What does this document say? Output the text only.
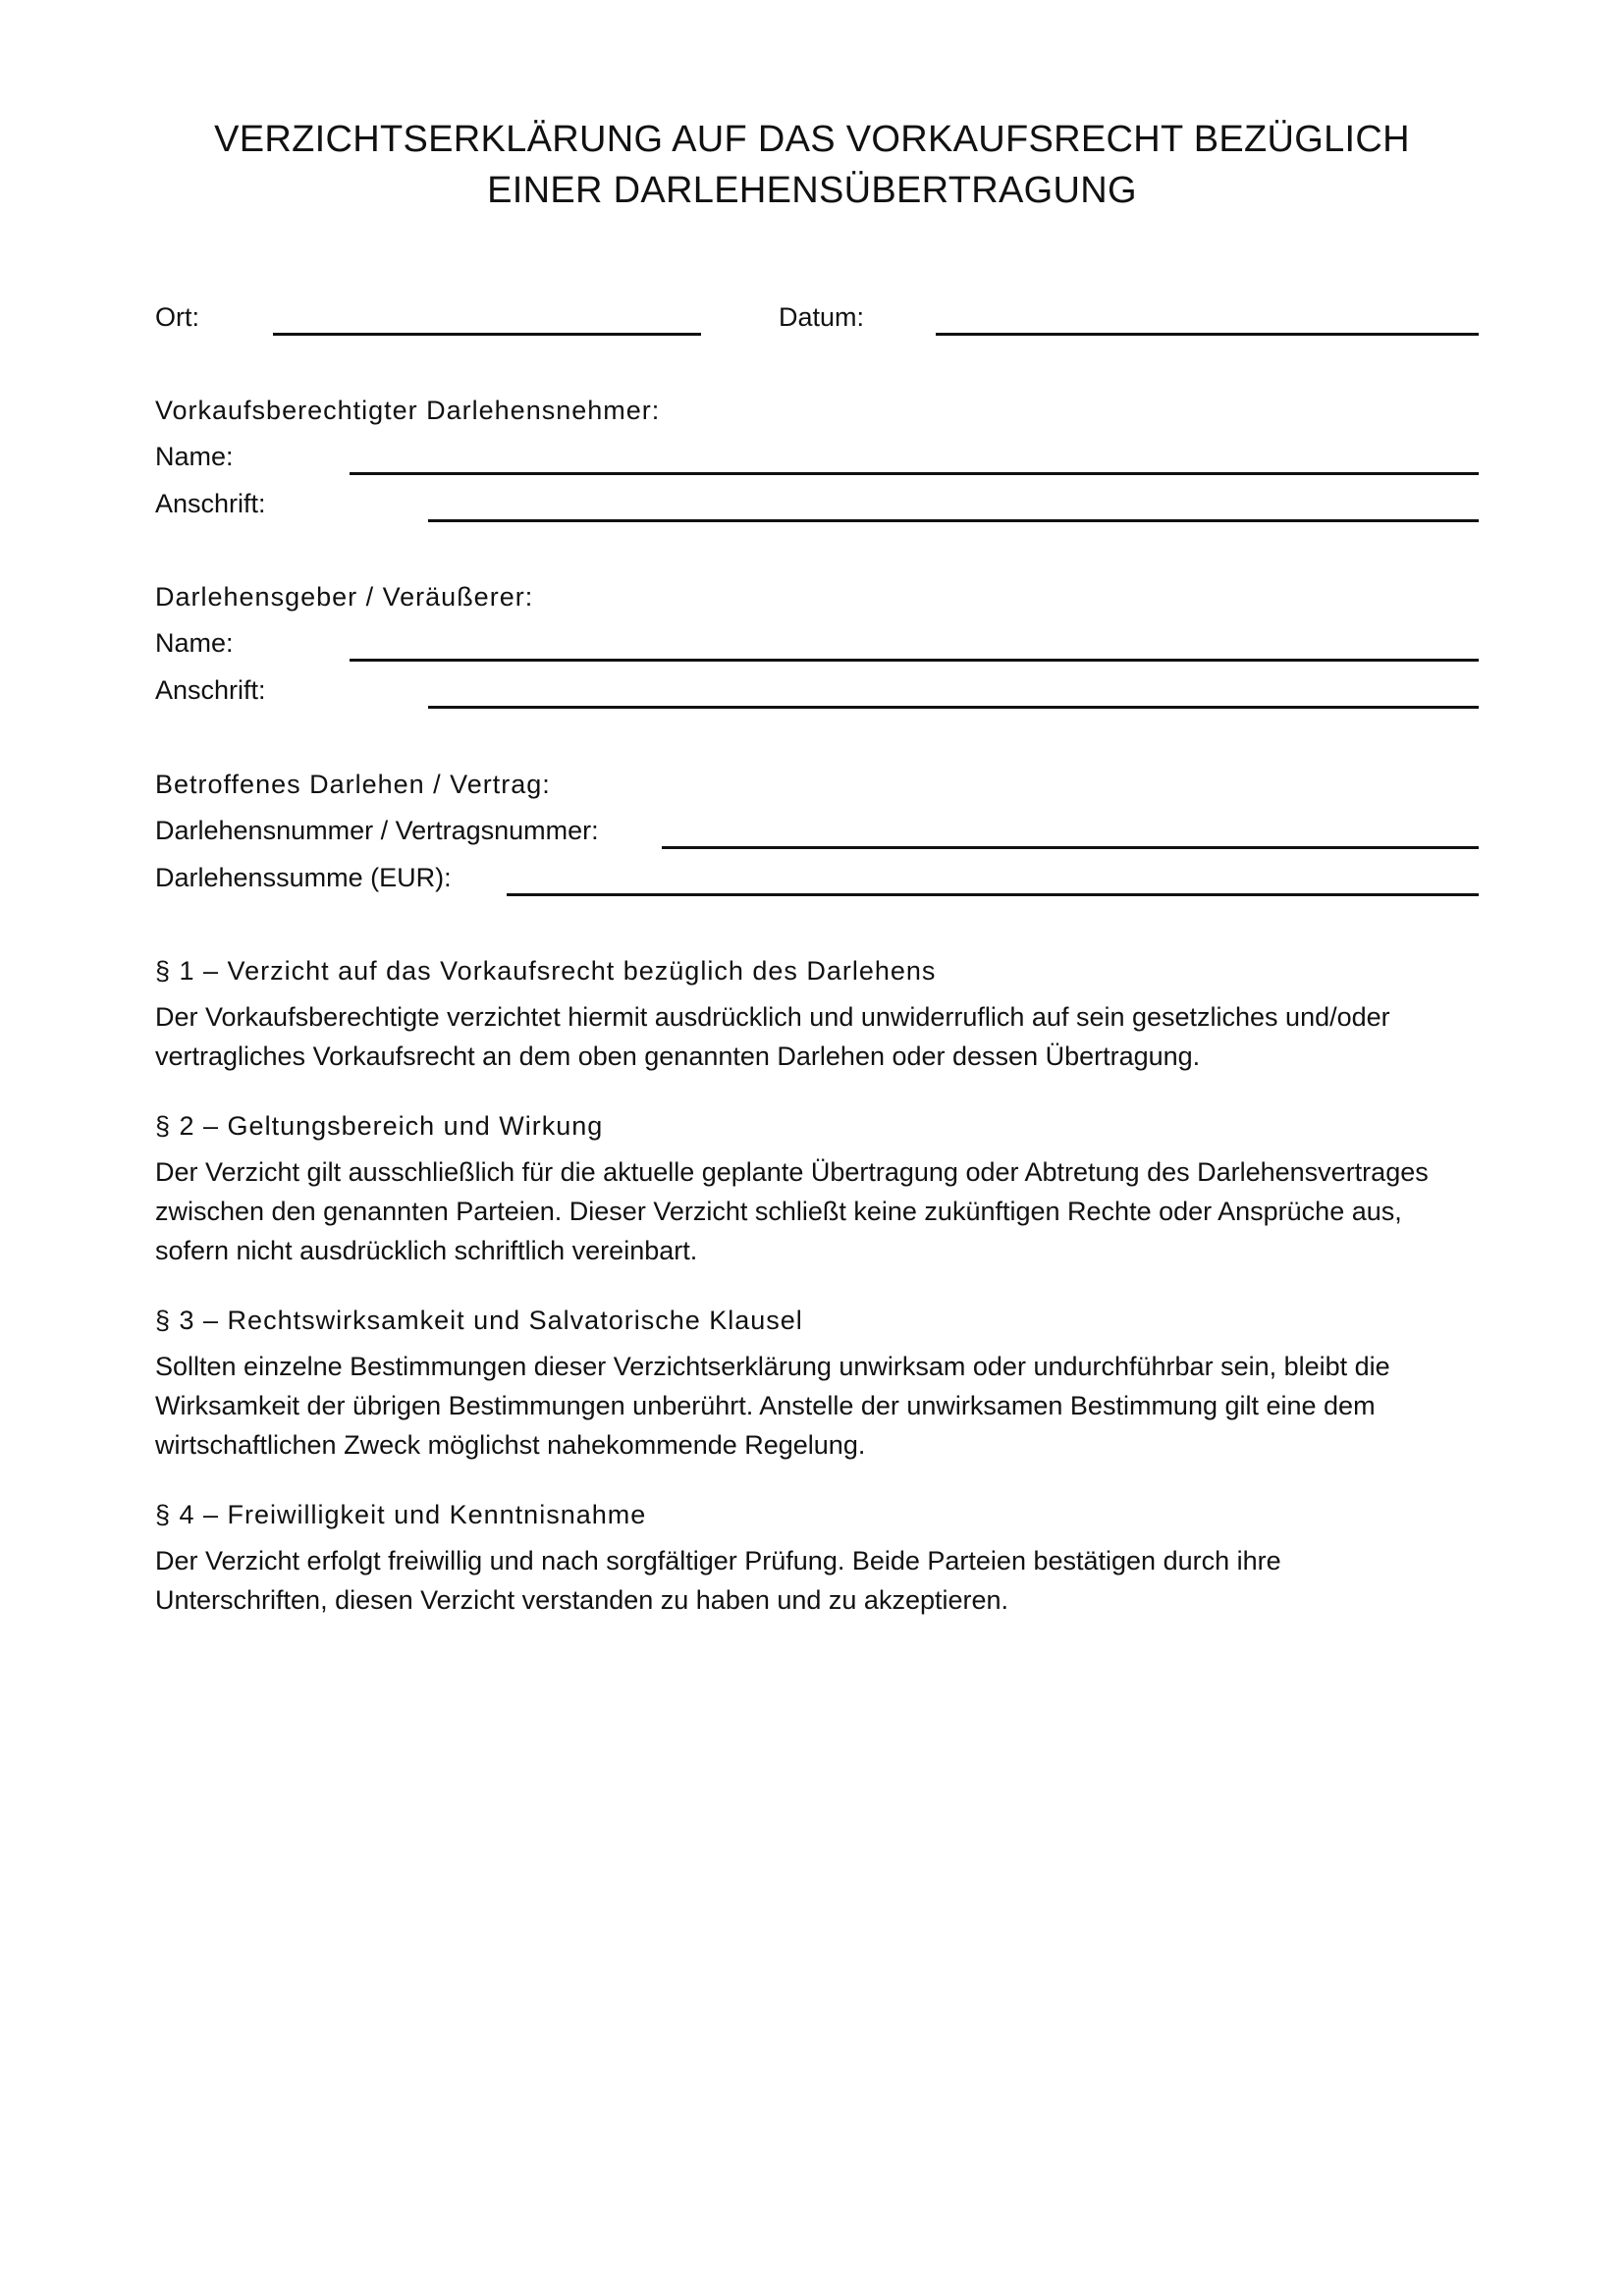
VERZICHTSERKLÄRUNG AUF DAS VORKAUFSRECHT BEZÜGLICH
EINER DARLEHENSÜBERTRAGUNG
Ort:	Datum:
Vorkaufsberechtigter Darlehensnehmer:
Name:
Anschrift:
Darlehensgeber / Veräußerer:
Name:
Anschrift:
Betroffenes Darlehen / Vertrag:
Darlehensnummer / Vertragsnummer:
Darlehenssumme (EUR):
§ 1 – Verzicht auf das Vorkaufsrecht bezüglich des Darlehens

Der Vorkaufsberechtigte verzichtet hiermit ausdrücklich und unwiderruflich auf sein gesetzliches und/oder
vertragliches Vorkaufsrecht an dem oben genannten Darlehen oder dessen Übertragung.

§ 2 – Geltungsbereich und Wirkung

Der Verzicht gilt ausschließlich für die aktuelle geplante Übertragung oder Abtretung des Darlehensvertrages
zwischen den genannten Parteien. Dieser Verzicht schließt keine zukünftigen Rechte oder Ansprüche aus,
sofern nicht ausdrücklich schriftlich vereinbart.

§ 3 – Rechtswirksamkeit und Salvatorische Klausel

Sollten einzelne Bestimmungen dieser Verzichtserklärung unwirksam oder undurchführbar sein, bleibt die
Wirksamkeit der übrigen Bestimmungen unberührt. Anstelle der unwirksamen Bestimmung gilt eine dem
wirtschaftlichen Zweck möglichst nahekommende Regelung.

§ 4 – Freiwilligkeit und Kenntnisnahme

Der Verzicht erfolgt freiwillig und nach sorgfältiger Prüfung. Beide Parteien bestätigen durch ihre
Unterschriften, diesen Verzicht verstanden zu haben und zu akzeptieren.
